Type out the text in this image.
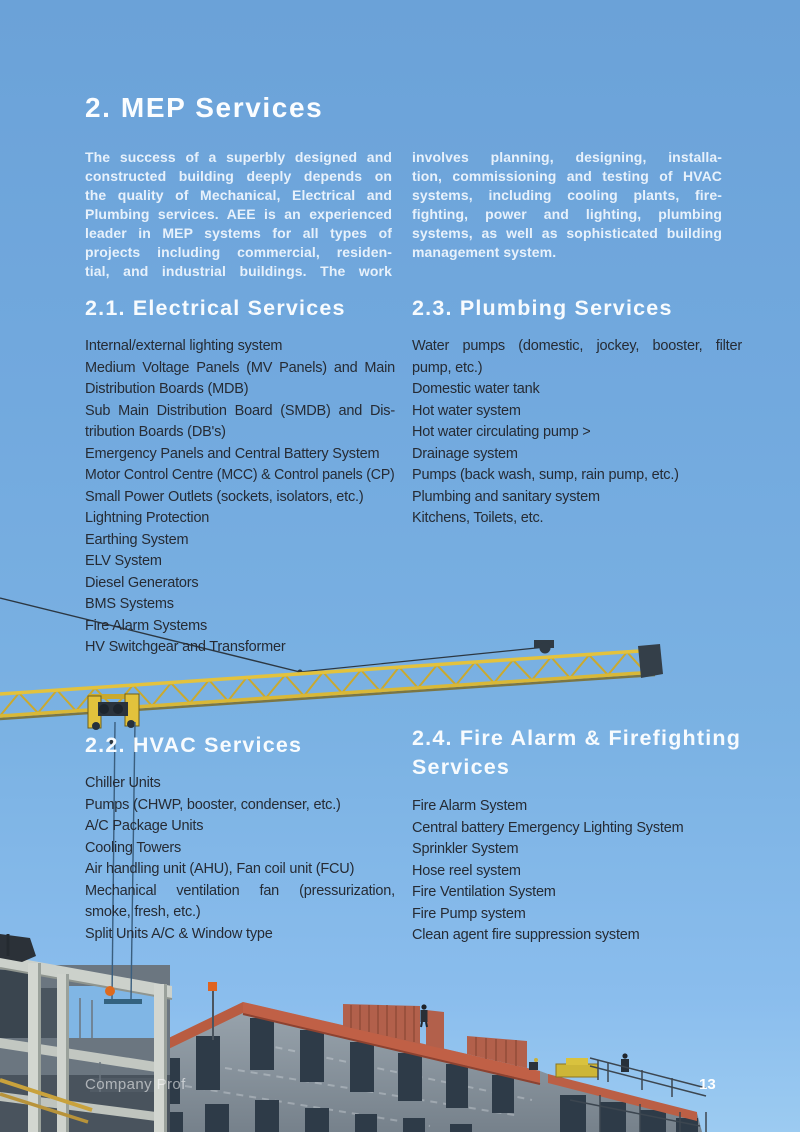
2. MEP Services
The success of a superbly designed and
constructed building deeply depends on
the quality of Mechanical, Electrical and
Plumbing services. AEE is an experienced
leader in MEP systems for all types of
projects including commercial, residen-
tial, and industrial buildings. The work
involves planning, designing, installa-
tion, commissioning and testing of HVAC
systems, including cooling plants, fire-
fighting, power and lighting, plumbing
systems, as well as sophisticated building
management system.
2.1. Electrical Services
Internal/external lighting system
Medium Voltage Panels (MV Panels) and Main
Distribution Boards (MDB)
Sub Main Distribution Board (SMDB) and Dis-
tribution Boards (DB's)
Emergency Panels and Central Battery System
Motor Control Centre (MCC) & Control panels (CP)
Small Power Outlets (sockets, isolators, etc.)
Lightning Protection
Earthing System
ELV System
Diesel Generators
BMS Systems
Fire Alarm Systems
HV Switchgear and Transformer
2.3. Plumbing Services
Water pumps (domestic, jockey, booster, filter
pump, etc.)
Domestic water tank
Hot water system
Hot water circulating pump >
Drainage system
Pumps (back wash, sump, rain pump, etc.)
Plumbing and sanitary system
Kitchens, Toilets, etc.
2.2. HVAC Services
Chiller Units
Pumps (CHWP, booster, condenser, etc.)
A/C Package Units
Cooling Towers
Air handling unit (AHU), Fan coil unit (FCU)
Mechanical ventilation fan (pressurization,
smoke, fresh, etc.)
Split Units A/C & Window type
2.4. Fire Alarm & Firefighting
Services
Fire Alarm System
Central battery Emergency Lighting System
Sprinkler System
Hose reel system
Fire Ventilation System
Fire Pump system
Clean agent fire suppression system
Company Prof	13
